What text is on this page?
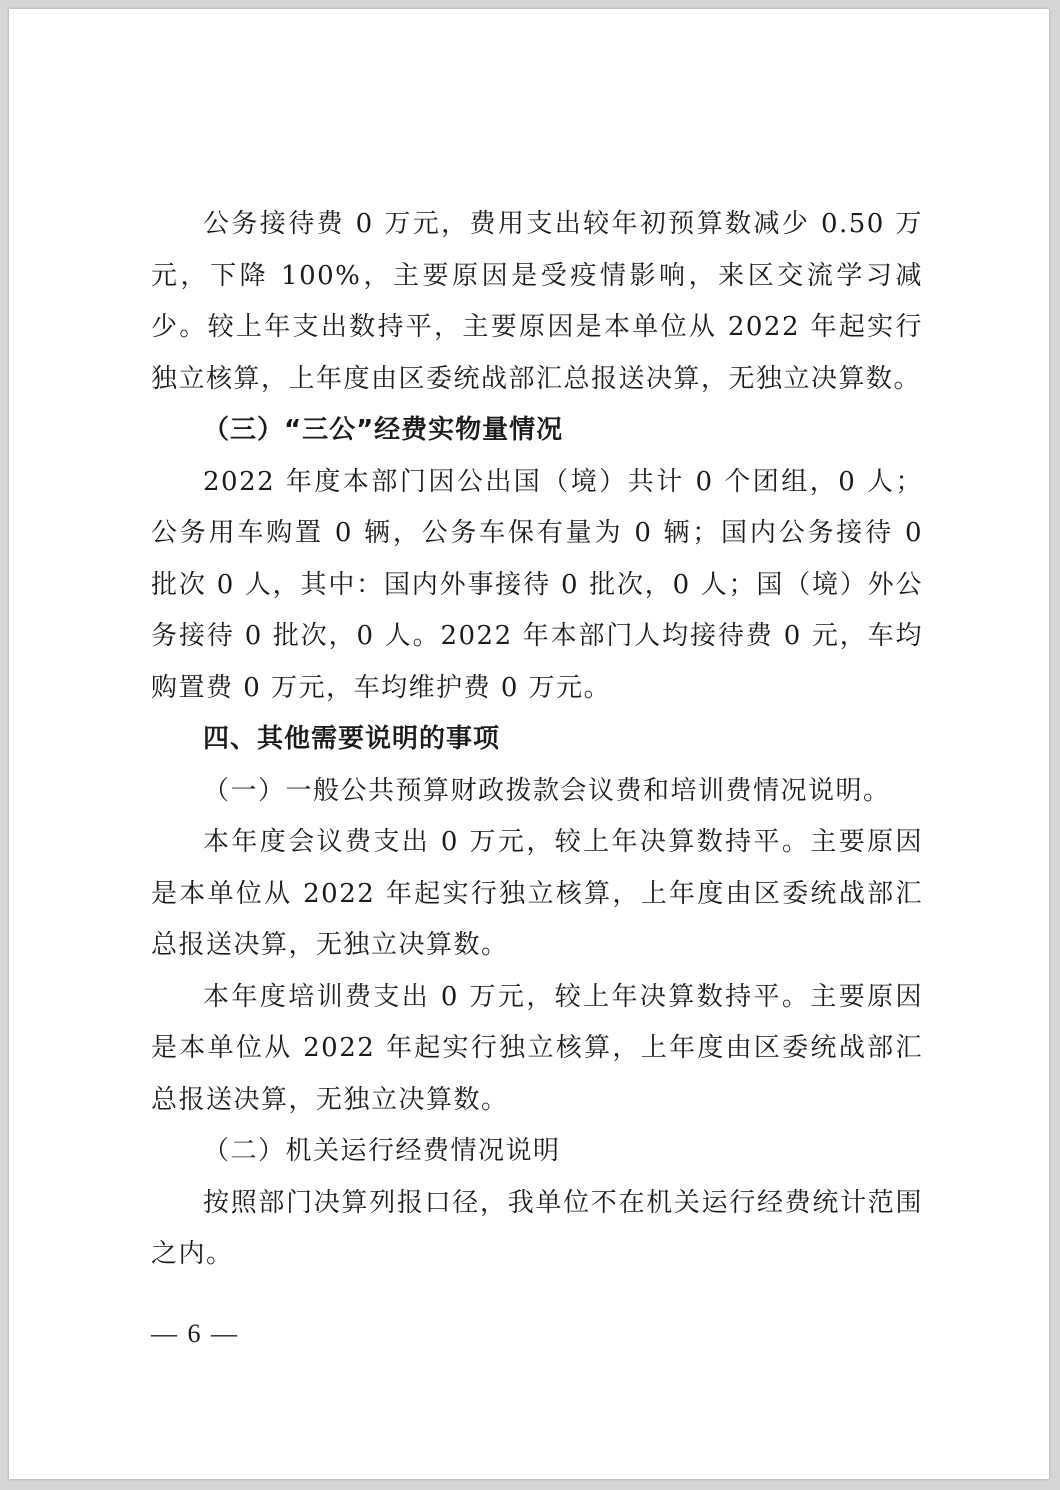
公务接待费 0 万元，费用支出较年初预算数减少 0.50 万元，下降 100%，主要原因是受疫情影响，来区交流学习减少。较上年支出数持平，主要原因是本单位从 2022 年起实行独立核算，上年度由区委统战部汇总报送决算，无独立决算数。

（三）“三公”经费实物量情况

2022 年度本部门因公出国（境）共计 0 个团组，0 人；公务用车购置 0 辆，公务车保有量为 0 辆；国内公务接待 0 批次 0 人，其中：国内外事接待 0 批次，0 人；国（境）外公务接待 0 批次，0 人。2022 年本部门人均接待费 0 元，车均购置费 0 万元，车均维护费 0 万元。

四、其他需要说明的事项

（一）一般公共预算财政拨款会议费和培训费情况说明。

本年度会议费支出 0 万元，较上年决算数持平。主要原因是本单位从 2022 年起实行独立核算，上年度由区委统战部汇总报送决算，无独立决算数。

本年度培训费支出 0 万元，较上年决算数持平。主要原因是本单位从 2022 年起实行独立核算，上年度由区委统战部汇总报送决算，无独立决算数。

（二）机关运行经费情况说明

按照部门决算列报口径，我单位不在机关运行经费统计范围之内。

— 6 —
